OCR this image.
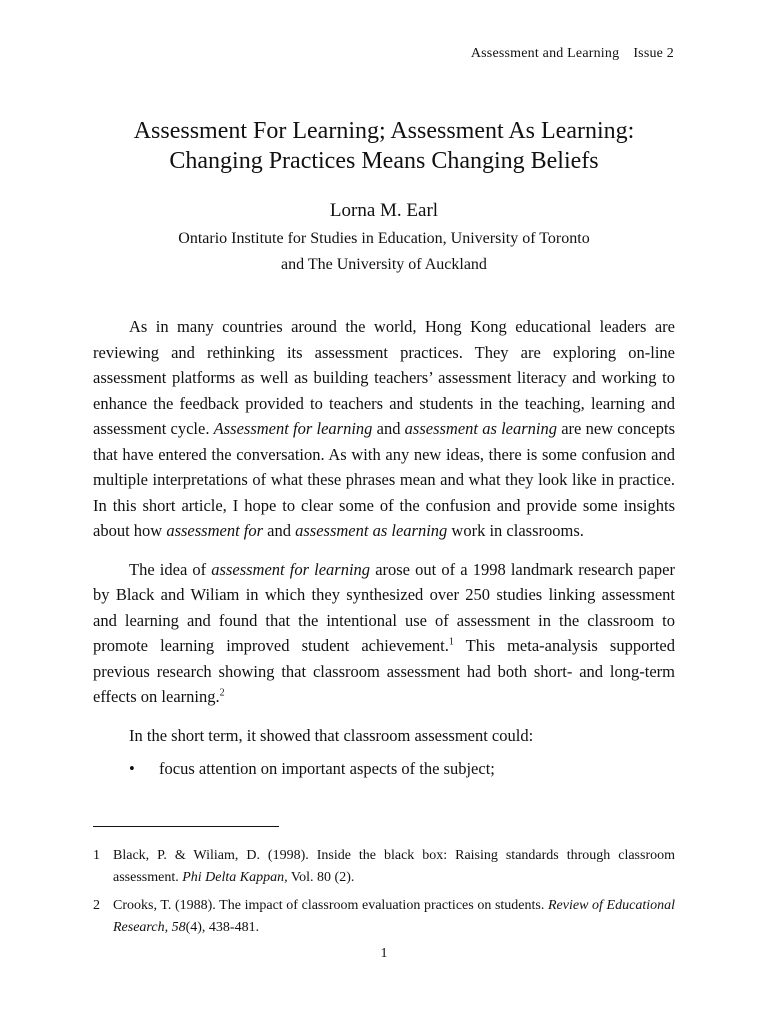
Assessment and Learning Issue 2
Assessment For Learning; Assessment As Learning:
Changing Practices Means Changing Beliefs
Lorna M. Earl
Ontario Institute for Studies in Education, University of Toronto
and The University of Auckland

As in many countries around the world, Hong Kong educational leaders are reviewing and rethinking its assessment practices. They are exploring on-line assessment platforms as well as building teachers’ assessment literacy and working to enhance the feedback provided to teachers and students in the teaching, learning and assessment cycle. Assessment for learning and assessment as learning are new concepts that have entered the conversation. As with any new ideas, there is some confusion and multiple interpretations of what these phrases mean and what they look like in practice. In this short article, I hope to clear some of the confusion and provide some insights about how assessment for and assessment as learning work in classrooms.

The idea of assessment for learning arose out of a 1998 landmark research paper by Black and Wiliam in which they synthesized over 250 studies linking assessment and learning and found that the intentional use of assessment in the classroom to promote learning improved student achievement.$^1$ This meta-analysis supported previous research showing that classroom assessment had both short- and long-term effects on learning.$^2$

In the short term, it showed that classroom assessment could:

• focus attention on important aspects of the subject;
1 Black, P. & Wiliam, D. (1998). Inside the black box: Raising standards through classroom assessment. Phi Delta Kappan, Vol. 80 (2).
2 Crooks, T. (1988). The impact of classroom evaluation practices on students. Review of Educational Research, 58(4), 438-481.
1
